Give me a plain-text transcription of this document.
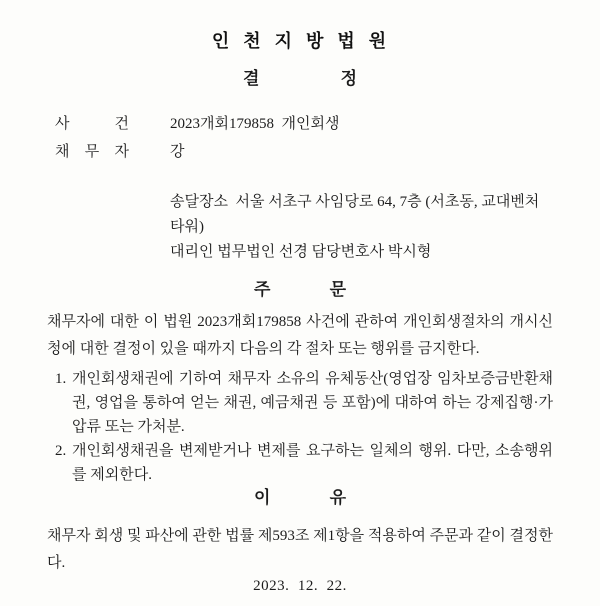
인 천 지 방 법 원
결 정
사 건	2023개회179858  개인회생
채 무 자	강
송달장소  서울 서초구 사임당로 64, 7층 (서초동, 교대벤처타워)
대리인 법무법인 선경 담당변호사 박시형
주 문
채무자에 대한 이 법원 2023개회179858 사건에 관하여 개인회생절차의 개시신청에 대한 결정이 있을 때까지 다음의 각 절차 또는 행위를 금지한다.
1. 개인회생채권에 기하여 채무자 소유의 유체동산(영업장 임차보증금반환채권, 영업을 통하여 얻는 채권, 예금채권 등 포함)에 대하여 하는 강제집행·가압류 또는 가처분.
2. 개인회생채권을 변제받거나 변제를 요구하는 일체의 행위. 다만, 소송행위를 제외한다.
이 유
채무자 회생 및 파산에 관한 법률 제593조 제1항을 적용하여 주문과 같이 결정한다.
2023.  12.  22.
